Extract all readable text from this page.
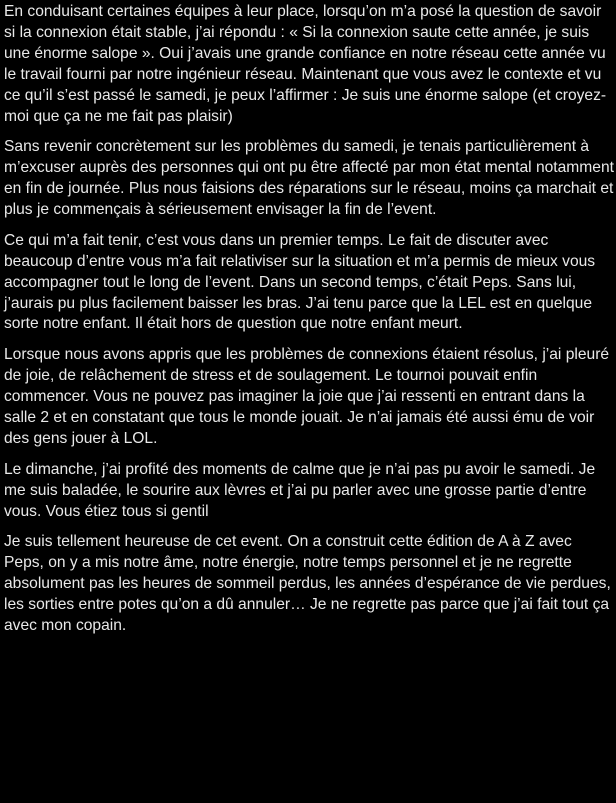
En conduisant certaines équipes à leur place, lorsqu’on m’a posé la question de savoir si la connexion était stable, j’ai répondu : « Si la connexion saute cette année, je suis une énorme salope ». Oui j’avais une grande confiance en notre réseau cette année vu le travail fourni par notre ingénieur réseau. Maintenant que vous avez le contexte et vu ce qu’il s’est passé le samedi, je peux l’affirmer : Je suis une énorme salope (et croyez-moi que ça ne me fait pas plaisir)

Sans revenir concrètement sur les problèmes du samedi, je tenais particulièrement à m’excuser auprès des personnes qui ont pu être affecté par mon état mental notamment en fin de journée. Plus nous faisions des réparations sur le réseau, moins ça marchait et plus je commençais à sérieusement envisager la fin de l’event.

Ce qui m’a fait tenir, c’est vous dans un premier temps. Le fait de discuter avec beaucoup d’entre vous m’a fait relativiser sur la situation et m’a permis de mieux vous accompagner tout le long de l’event. Dans un second temps, c’était Peps. Sans lui, j’aurais pu plus facilement baisser les bras. J’ai tenu parce que la LEL est en quelque sorte notre enfant. Il était hors de question que notre enfant meurt.

Lorsque nous avons appris que les problèmes de connexions étaient résolus, j’ai pleuré de joie, de relâchement de stress et de soulagement. Le tournoi pouvait enfin commencer. Vous ne pouvez pas imaginer la joie que j’ai ressenti en entrant dans la salle 2 et en constatant que tous le monde jouait. Je n’ai jamais été aussi ému de voir des gens jouer à LOL.

Le dimanche, j’ai profité des moments de calme que je n’ai pas pu avoir le samedi. Je me suis baladée, le sourire aux lèvres et j’ai pu parler avec une grosse partie d’entre vous. Vous étiez tous si gentil

Je suis tellement heureuse de cet event. On a construit cette édition de A à Z avec Peps, on y a mis notre âme, notre énergie, notre temps personnel et je ne regrette absolument pas les heures de sommeil perdus, les années d’espérance de vie perdues, les sorties entre potes qu’on a dû annuler… Je ne regrette pas parce que j’ai fait tout ça avec mon copain.
